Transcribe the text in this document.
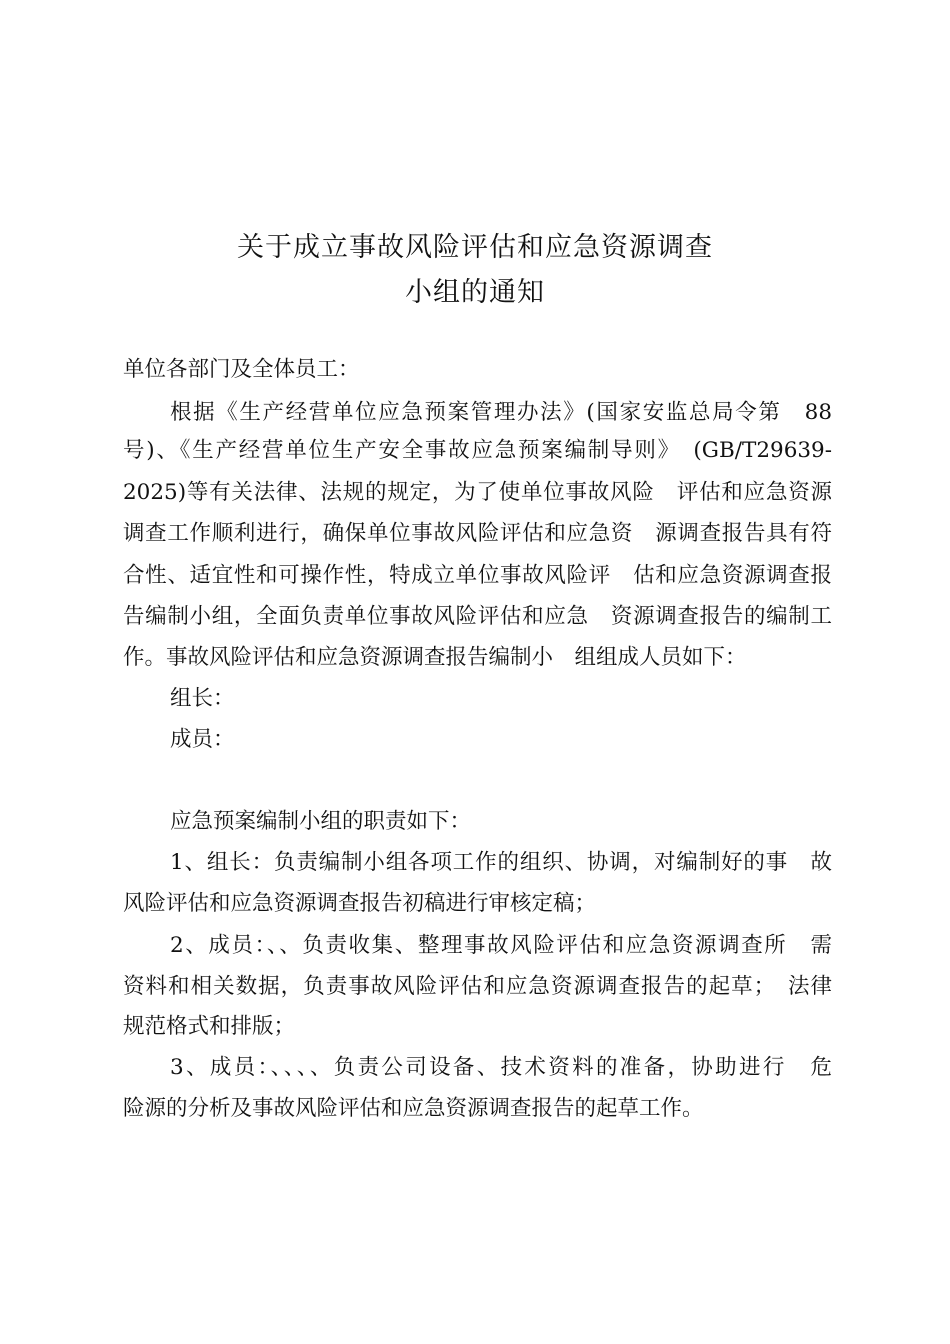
关于成立事故风险评估和应急资源调查
小组的通知
单位各部门及全体员工：
根据《生产经营单位应急预案管理办法》(国家安监总局令第　88
号)、《生产经营单位生产安全事故应急预案编制导则》　(GB/T29639-
2025)等有关法律、法规的规定，为了使单位事故风险　评估和应急资源
调查工作顺利进行，确保单位事故风险评估和应急资　源调查报告具有符
合性、适宜性和可操作性，特成立单位事故风险评　估和应急资源调查报
告编制小组，全面负责单位事故风险评估和应急　资源调查报告的编制工
作。事故风险评估和应急资源调查报告编制小　组组成人员如下：
组长：
成员：
应急预案编制小组的职责如下：
1、组长：负责编制小组各项工作的组织、协调，对编制好的事　故
风险评估和应急资源调查报告初稿进行审核定稿；
2、成员：、、负责收集、整理事故风险评估和应急资源调查所　需
资料和相关数据，负责事故风险评估和应急资源调查报告的起草；　法律
规范格式和排版；
3、成员：、、、、负责公司设备、技术资料的准备，协助进行　危
险源的分析及事故风险评估和应急资源调查报告的起草工作。
